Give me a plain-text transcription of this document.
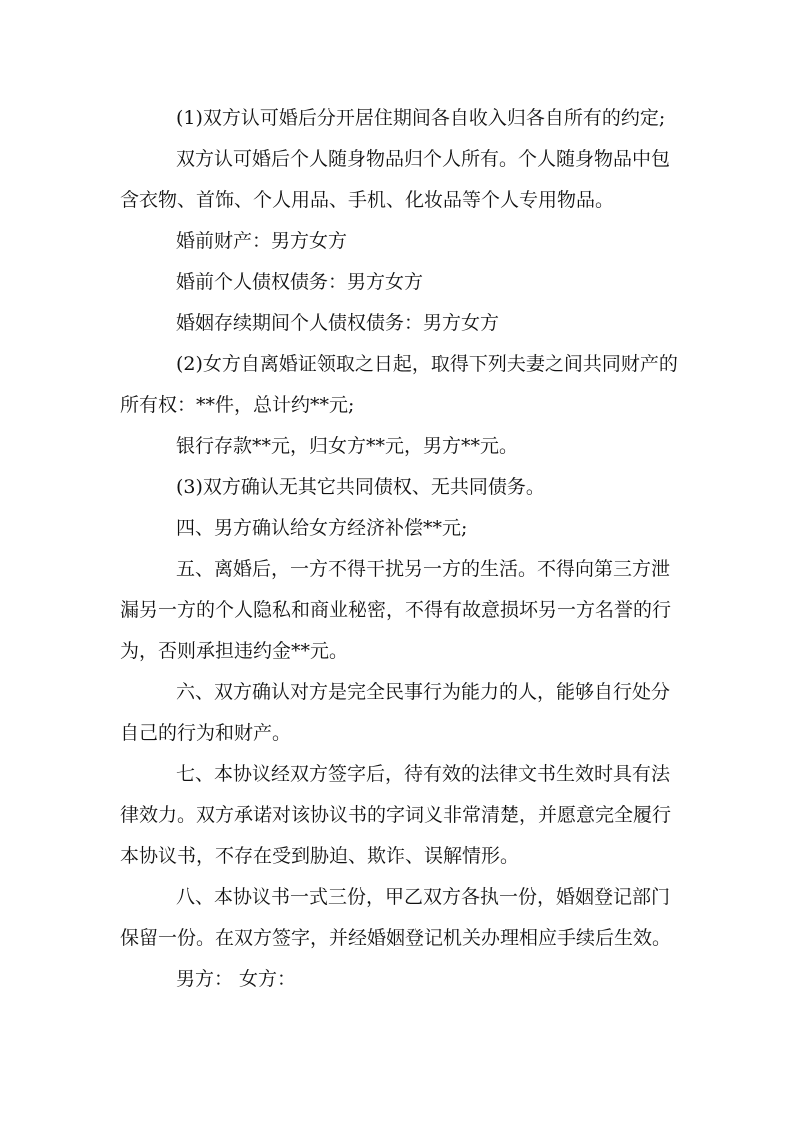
(1)双方认可婚后分开居住期间各自收入归各自所有的约定;

双方认可婚后个人随身物品归个人所有。个人随身物品中包含衣物、首饰、个人用品、手机、化妆品等个人专用物品。

婚前财产：男方女方

婚前个人债权债务：男方女方

婚姻存续期间个人债权债务：男方女方

(2)女方自离婚证领取之日起，取得下列夫妻之间共同财产的所有权：**件，总计约**元;

银行存款**元，归女方**元，男方**元。

(3)双方确认无其它共同债权、无共同债务。

四、男方确认给女方经济补偿**元;

五、离婚后，一方不得干扰另一方的生活。不得向第三方泄漏另一方的个人隐私和商业秘密，不得有故意损坏另一方名誉的行为，否则承担违约金**元。

六、双方确认对方是完全民事行为能力的人，能够自行处分自己的行为和财产。

七、本协议经双方签字后，待有效的法律文书生效时具有法律效力。双方承诺对该协议书的字词义非常清楚，并愿意完全履行本协议书，不存在受到胁迫、欺诈、误解情形。

八、本协议书一式三份，甲乙双方各执一份，婚姻登记部门保留一份。在双方签字，并经婚姻登记机关办理相应手续后生效。

男方： 女方：
